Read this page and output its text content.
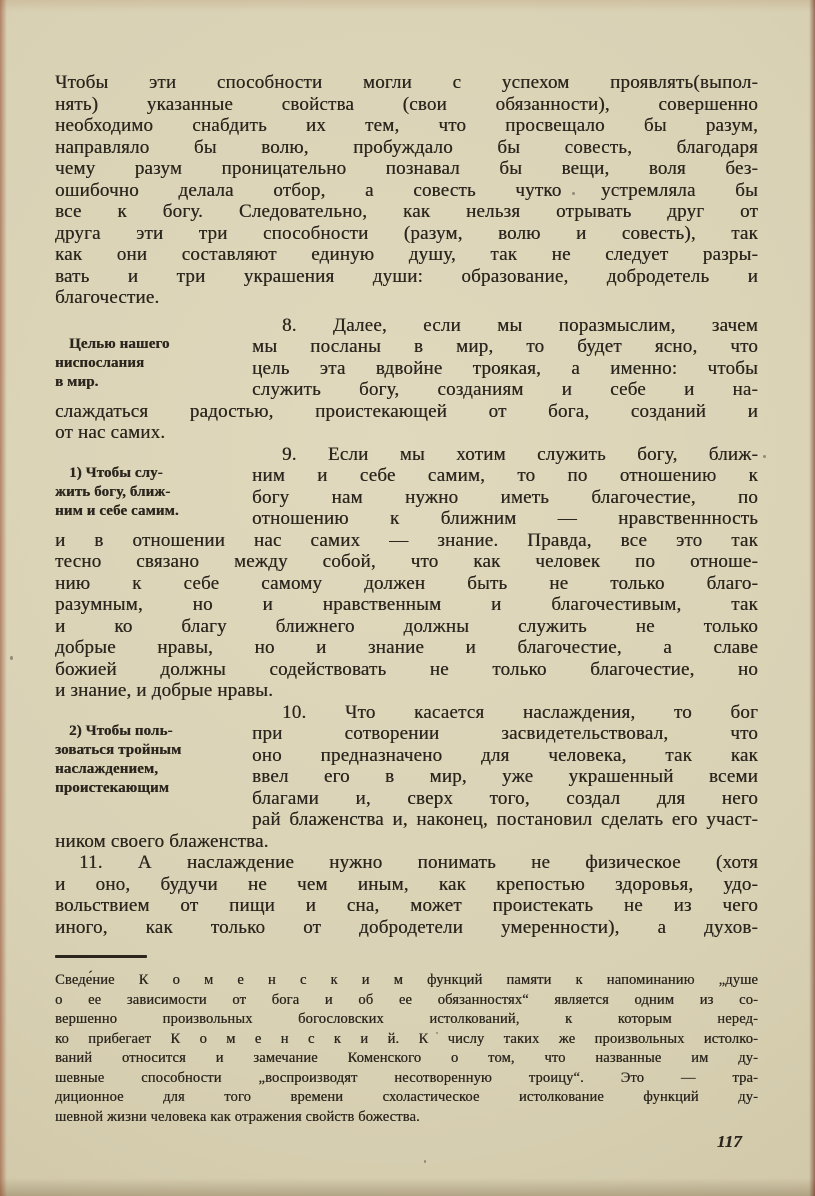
Чтобы эти способности могли с успехом проявлять(выпол-
нять) указанные свойства (свои обязанности), совершенно
необходимо снабдить их тем, что просвещало бы разум,
направляло бы волю, пробуждало бы совесть, благодаря
чему разум проницательно познавал бы вещи, воля без-
ошибочно делала отбор, а совесть чутко устремляла бы
все к богу. Следовательно, как нельзя отрывать друг от
друга эти три способности (разум, волю и совесть), так
как они составляют единую душу, так не следует разры-
вать и три украшения души: образование, добродетель и
благочестие.
Целью нашего
ниспослания
в мир.
8. Далее, если мы поразмыслим, зачем
мы посланы в мир, то будет ясно, что
цель эта вдвойне троякая, а именно: чтобы
служить богу, созданиям и себе и на-
слаждаться радостью, проистекающей от бога, созданий и
от нас самих.
1) Чтобы слу-
жить богу, ближ-
ним и себе самим.
9. Если мы хотим служить богу, ближ-
ним и себе самим, то по отношению к
богу нам нужно иметь благочестие, по
отношению к ближним — нравственнность
и в отношении нас самих — знание. Правда, все это так
тесно связано между собой, что как человек по отноше-
нию к себе самому должен быть не только благо-
разумным, но и нравственным и благочестивым, так
и ко благу ближнего должны служить не только
добрые нравы, но и знание и благочестие, а славе
божией должны содействовать не только благочестие, но
и знание, и добрые нравы.
2) Чтобы поль-
зоваться тройным
наслаждением,
проистекающим
10. Что касается наслаждения, то бог
при сотворении засвидетельствовал, что
оно предназначено для человека, так как
ввел его в мир, уже украшенный всеми
благами и, сверх того, создал для него
рай блаженства и, наконец, постановил сделать его участ-
ником своего блаженства.
11. А наслаждение нужно понимать не физическое (хотя
и оно, будучи не чем иным, как крепостью здоровья, удо-
вольствием от пищи и сна, может проистекать не из чего
иного, как только от добродетели умеренности), а духов-
Сведе́ние К о м е н с к и м функций памяти к напоминанию „душе
о ее зависимости от бога и об ее обязанностях“ является одним из со-
вершенно произвольных богословских истолкований, к которым неред-
ко прибегает К о м е н с к и й. К числу таких же произвольных истолко-
ваний относится и замечание Коменского о том, что названные им ду-
шевные способности „воспроизводят несотворенную троицу“. Это — тра-
диционное для того времени схоластическое истолкование функций ду-
шевной жизни человека как отражения свойств божества.
117
